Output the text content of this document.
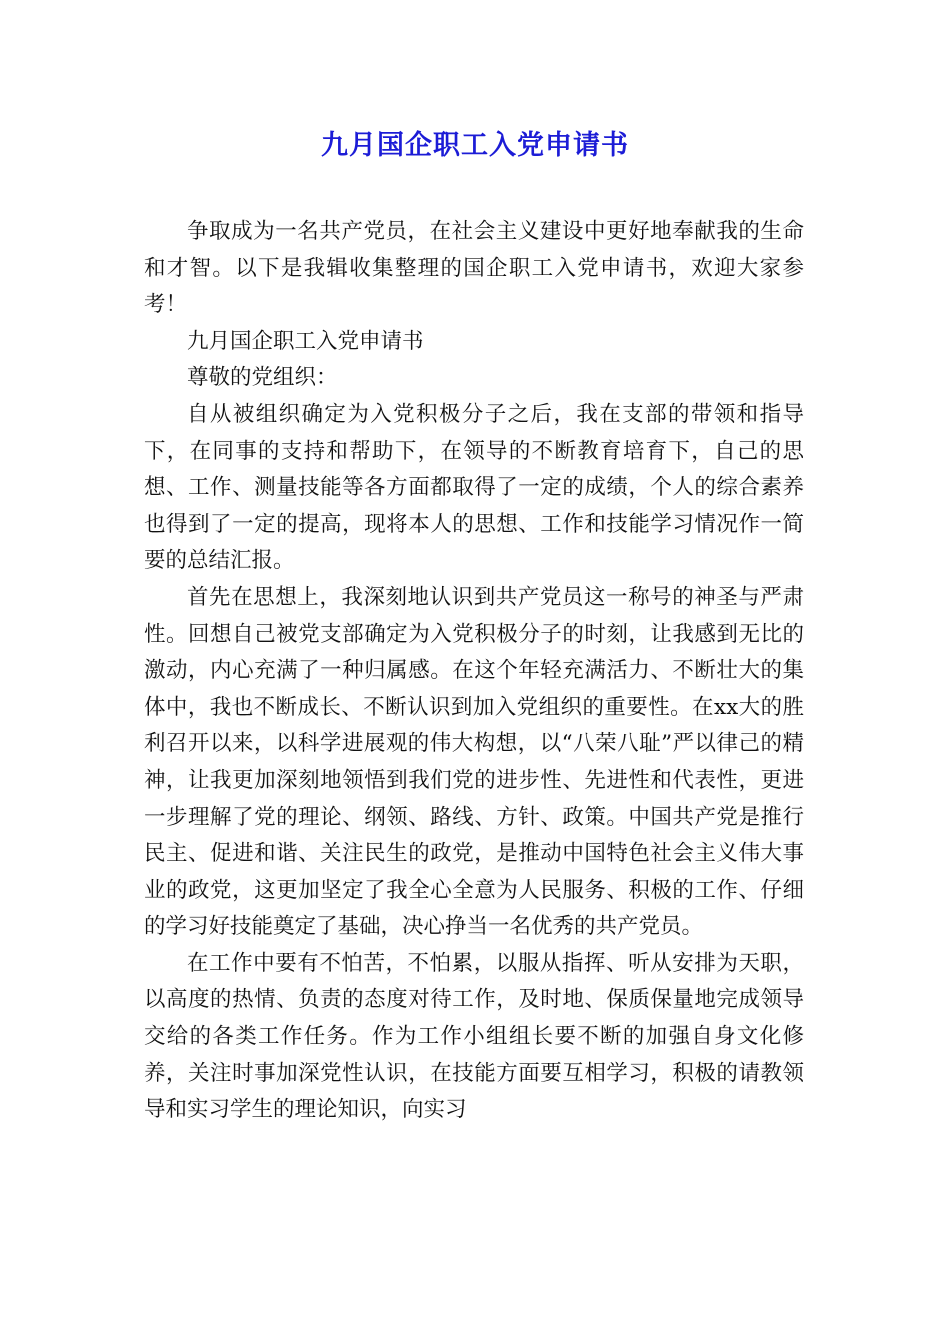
九月国企职工入党申请书

争取成为一名共产党员，在社会主义建设中更好地奉献我的生命和才智。以下是我辑收集整理的国企职工入党申请书，欢迎大家参考！

九月国企职工入党申请书

尊敬的党组织：

自从被组织确定为入党积极分子之后，我在支部的带领和指导下，在同事的支持和帮助下，在领导的不断教育培育下，自己的思想、工作、测量技能等各方面都取得了一定的成绩，个人的综合素养也得到了一定的提高，现将本人的思想、工作和技能学习情况作一简要的总结汇报。

首先在思想上，我深刻地认识到共产党员这一称号的神圣与严肃性。回想自己被党支部确定为入党积极分子的时刻，让我感到无比的激动，内心充满了一种归属感。在这个年轻充满活力、不断壮大的集体中，我也不断成长、不断认识到加入党组织的重要性。在xx大的胜利召开以来，以科学进展观的伟大构想，以“八荣八耻”严以律己的精神，让我更加深刻地领悟到我们党的进步性、先进性和代表性，更进一步理解了党的理论、纲领、路线、方针、政策。中国共产党是推行民主、促进和谐、关注民生的政党，是推动中国特色社会主义伟大事业的政党，这更加坚定了我全心全意为人民服务、积极的工作、仔细的学习好技能奠定了基础，决心挣当一名优秀的共产党员。

在工作中要有不怕苦，不怕累，以服从指挥、听从安排为天职，以高度的热情、负责的态度对待工作，及时地、保质保量地完成领导交给的各类工作任务。作为工作小组组长要不断的加强自身文化修养，关注时事加深党性认识，在技能方面要互相学习，积极的请教领导和实习学生的理论知识，向实习
